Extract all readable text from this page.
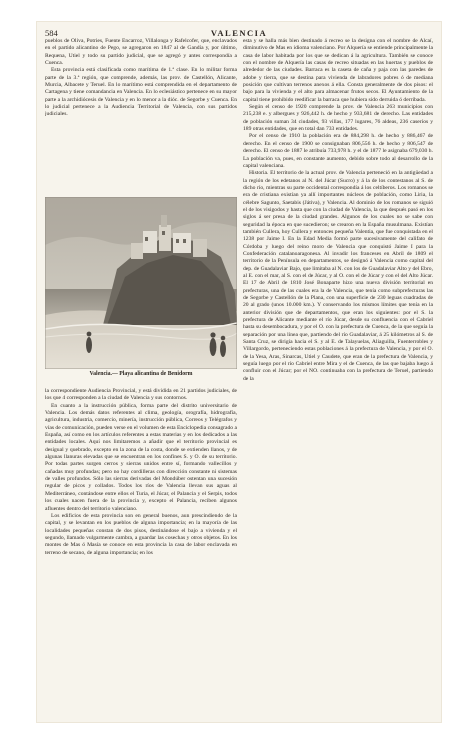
584	VALENCIA

pueblos de Oliva, Potries, Fuente Encarroz, Villalonga y Rafelcofer, que, enclavados en el partido alicantino de Pego, se agregaron en 1847 al de Gandía y, por último, Requena, Utiel y todo su partido judicial, que se agregó y antes correspondía a Cuenca.

Esta provincia está clasificada como marítima de 1.ª clase. En lo militar forma parte de la 3.ª región, que comprende, además, las prov. de Castellón, Alicante, Murcia, Albacete y Teruel. En lo marítimo está comprendida en el departamento de Cartagena y tiene comandancia en Valencia. En lo eclesiástico pertenece en su mayor parte a la archidiócesis de Valencia y en lo menor a la dióc. de Segorbe y Cuenca. En lo judicial pertenece a la Audiencia Territorial de Valencia, con sus partidos judiciales.

Valencia.— Playa alicantina de Benidorm

la correspondiente Audiencia Provincial, y está dividida en 21 partidos judiciales, de los que 4 corresponden a la ciudad de Valencia y sus contornos.

En cuanto a la instrucción pública, forma parte del distrito universitario de Valencia. Los demás datos referentes al clima, geología, orografía, hidrografía, agricultura, industria, comercio, minería, instrucción pública, Correos y Telégrafos y vías de comunicación, pueden verse en el volumen de esta Enciclopedia consagrado a España, así como en los artículos referentes a estas materias y en los dedicados a las entidades locales. Aquí nos limitaremos a añadir que el territorio provincial es desigual y quebrado, excepto en la zona de la costa, donde se extienden llanos, y de algunas llanuras elevadas que se encuentran en los confines S. y O. de su territorio. Por todas partes surgen cerros y sierras unidos entre sí, formando vallecillos y cañadas muy profundas; pero no hay cordilleras con dirección constante ni sistemas de valles profundos. Sólo las sierras derivadas del Mondúber ostentan una sucesión regular de picos y collados. Todos los ríos de Valencia llevan sus aguas al Mediterráneo, contándose entre ellos el Turia, el Júcar, el Palancia y el Serpis, todos los cuales nacen fuera de la provincia y, excepto el Palancia, reciben algunos afluentes dentro del territorio valenciano.

Los edificios de esta provincia son en general buenos, aun prescindiendo de la capital, y se levantan en los pueblos de alguna importancia; en la mayoría de las localidades pequeñas constan de dos pisos, destinándose el bajo a vivienda y el segundo, llamado vulgarmente cambra, a guardar las cosechas y otros objetos. En los montes de Mas ó Masía se conoce en esta provincia la casa de labor enclavada en terreno de secano, de alguna importancia; en los

esta y se halla más bien destinado á recreo se la designa con el nombre de Alcaí, diminutivo de Mas en idioma valenciano. Por Alquería se entiende principalmente la casa de labor habitada por los que se dedican á la agricultura. También se conoce con el nombre de Alquería las casas de recreo situadas en las huertas y pueblos de alrededor de las ciudades. Barraca es la caseta de caña y paja con las paredes de adobe y tierra, que se destina para vivienda de labradores pobres ó de mediana posición que cultivan terrenos anexos á ella. Consta generalmente de dos pisos: el bajo para la vivienda y el alto para almacenar frutos secos. El Ayuntamiento de la capital tiene prohibido reedificar la barraca que hubiera sido derruida ó derribada.

Según el censo de 1920 comprende la prov. de Valencia 263 municipios con 215,238 e. y albergues y 926,442 h. de hecho y 933,681 de derecho. Las entidades de población suman 34 ciudades, 93 villas, 177 lugares, 76 aldeas, 236 caseríos y 189 otras entidades, que en total dan 733 entidades.

Por el censo de 1910 la población era de 884,298 h. de hecho y 886,467 de derecho. En el censo de 1900 se consignaban 806,556 h. de hecho y 806,547 de derecho. El censo de 1887 le atribuía 733,978 h. y el de 1877 le asignaba 679,030 h. La población va, pues, en constante aumento, debido sobre todo al desarrollo de la capital valenciana.

Historia. El territorio de la actual prov. de Valencia perteneció en la antigüedad a la región de los edetanos al N. del Júcar (Sucro) y á la de los contestanos al S. de dicho río, mientras su parte occidental correspondía á los celtíberos. Los romanos se era de cristiana existían ya allí importantes núcleos de población, como Liria, la célebre Sagunto, Saetabis (Játiva), y Valencia. Al dominio de los romanos se siguió el de los visigodos y hasta que con la ciudad de Valencia, la que después pasó en los siglos á ser presa de la ciudad grandes. Algunos de los cuales no se sabe con seguridad la época en que sucedieron; se crearon en la España musulmana. Existían también Cullera, hoy Cullera y entonces pequeña Valentia, que fue conquistada en el 1238 por Jaime I. En la Edad Media formó parte sucesivamente del califato de Córdoba y luego del reino moro de Valencia que conquistó Jaime I para la Confederación catalanoaragonesa. Al invadir los franceses en Abril de 1809 el territorio de la Península en departamentos, se designó á Valencia como capital del dep. de Guadalaviar Bajo, que limitaba al N. con los de Guadalaviar Alto y del Ebro, al E. con el mar, al S. con el de Júcar, y al O. con el de Júcar y con el del Alto Júcar. El 17 de Abril de 1810 José Bonaparte hizo una nueva división territorial en prefecturas, una de las cuales era la de Valencia, que tenía como subprefecturas las de Segorbe y Castellón de la Plana, con una superficie de 230 leguas cuadradas de 20 al grado (unos 10.000 km.). Y conservando los mismos límites que tenía en la anterior división que de departamentos, que eran los siguientes: por el S. la prefectura de Alicante mediante el río Júcar, desde su confluencia con el Cabriel hasta su desembocadura, y por el O. con la prefectura de Cuenca, de la que seguía la separación por una línea que, partiendo del río Guadalaviar, á 25 kilómetros al S. de Santa Cruz, se dirigía hacia el S. y al E. de Talayuelas, Aliaguilla, Fuenterrobles y Villargordo, perteneciendo estas poblaciones á la prefectura de Valencia, y por el O. de la Yesa, Aras, Sinarcas, Utiel y Caudete, que eran de la prefectura de Valencia, y seguía luego por el río Cabriel entre Mira y el de Cuenca, de las que bajaba luego á confluir con el Júcar; por el NO. continuaba con la prefectura de Teruel, partiendo de la
